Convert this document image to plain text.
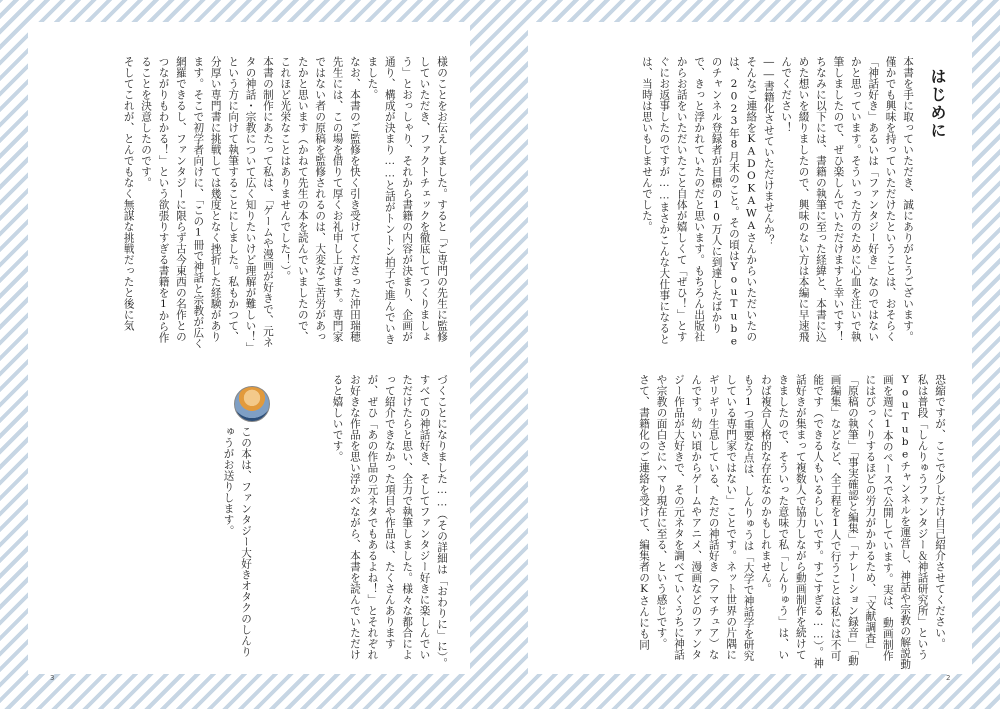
様のことをお伝えしました。すると「ご専門の先生に監修していただき、ファクトチェックを徹底してつくりましょう」とおっしゃり、それから書籍の内容が決まり、企画が通り、構成が決まり……と話がトントン拍子で進んでいきました。

なお、本書のご監修を快く引き受けてくださった沖田瑞穂先生には、この場を借りて厚くお礼申し上げます。専門家ではない者の原稿を監修されるのは、大変なご苦労があったかと思います（かねて先生の本を読んでいましたので、これほど光栄なことはありませんでした！）。

本書の制作にあたって私は、「ゲームや漫画が好きで、元ネタの神話・宗教について広く知りたいけど理解が難しい！」という方に向けて執筆することにしました。私もかつて、分厚い専門書に挑戦しては幾度となく挫折した経験があります。そこで初学者向けに、「この1冊で神話と宗教が広く網羅できるし、ファンタジーに限らず古今東西の名作とのつながりもわかる！」という欲張りすぎる書籍を1から作ることを決意したのです。

そしてこれが、とんでもなく無謀な挑戦だったと後に気

づくことになりました……（その詳細は「おわりに」に）。

すべての神話好き、そしてファンタジー好きに楽しんでいただけたらと思い、全力で執筆しました。様々な都合によって紹介できなかった項目や作品は、たくさんありますが、ぜひ「あの作品の元ネタでもあるよね！」とそれぞれお好きな作品を思い浮かべながら、本書を読んでいただけると嬉しいです。

この本は、ファンタジー大好きオタクのしんりゅうがお送りします。

3
はじめに

本書を手に取っていただき、誠にありがとうございます。

僅かでも興味を持っていただけたということは、おそらく「神話好き」あるいは「ファンタジー好き」なのではないかと思っています。そういった方のために心血を注いで執筆しましたので、ぜひ楽しんでいただけますと幸いです！ちなみに以下には、書籍の執筆に至った経緯と、本書に込めた想いを綴りましたので、興味のない方は本編に早速飛んでください！

――書籍化させていただけませんか？

そんなご連絡をKADOKAWAさんからいただいたのは、2023年8月末のこと。その頃はYouTubeのチャンネル登録者が目標の10万人に到達したばかりで、きっと浮かれていたのだと思います。もちろん出版社からお話をいただいたこと自体が嬉しくて「ぜひ！」とすぐにお返事したのですが……まさかこんな大仕事になるとは、当時は思いもしませんでした。

恐縮ですが、ここで少しだけ自己紹介させてください。

私は普段「しんりゅうファンタジー＆神話研究所」というYouTubeチャンネルを運営し、神話や宗教の解説動画を週に1本のペースで公開しています。実は、動画制作にはびっくりするほどの労力がかかるため、「文献調査」「原稿の執筆」「事実確認と編集」「ナレーション録音」「動画編集」などなど、全工程を1人で行うことは私には不可能です（できる人もいるらしいです。すごすぎる……）。神話好きが集まって複数人で協力しながら動画制作を続けてきましたので、そういった意味で私「しんりゅう」は、いわば複合人格的な存在なのかもしれません。

もう1つ重要な点は、しんりゅうは「大学で神話学を研究している専門家ではない」ことです。ネット世界の片隅にギリギリ生息している、ただの神話好き（アマチュア）なんです。幼い頃からゲームやアニメ、漫画などのファンタジー作品が大好きで、その元ネタを調べていくうちに神話や宗教の面白さにハマり現在に至る、という感じです。

さて、書籍化のご連絡を受けて、編集者のKさんにも同

2
